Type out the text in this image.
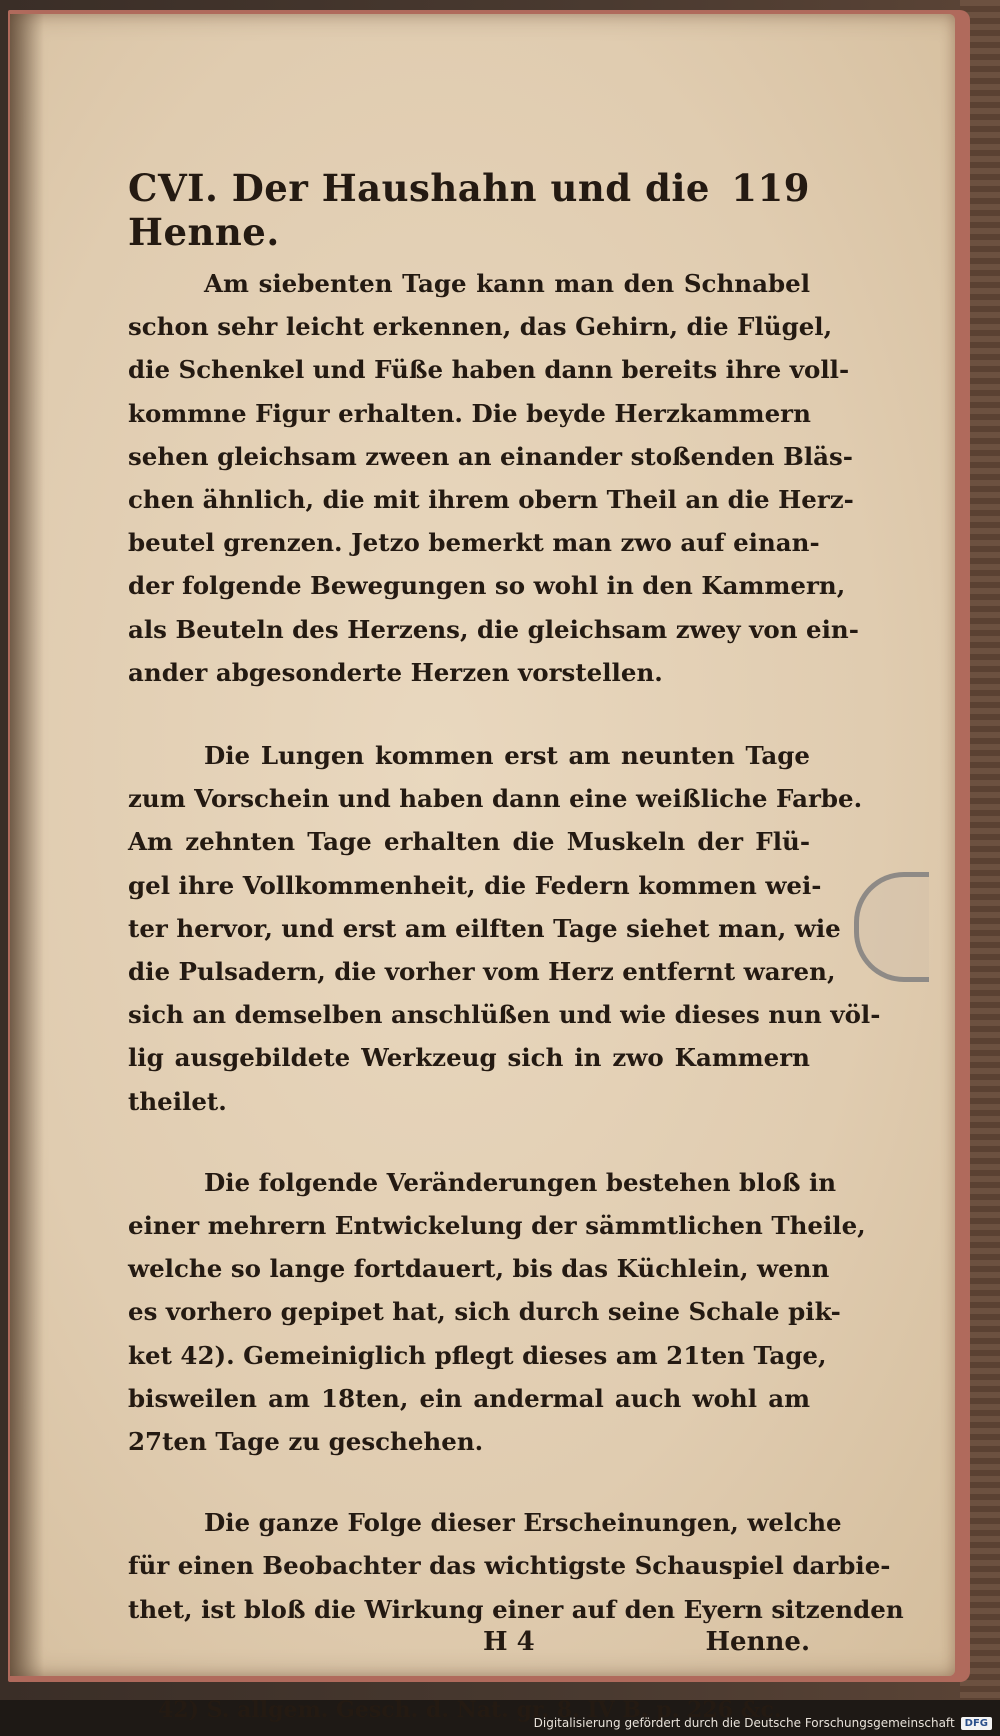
CVI. Der Haushahn und die Henne.
119

Am siebenten Tage kann man den Schnabel
schon sehr leicht erkennen, das Gehirn, die Flügel,
die Schenkel und Füße haben dann bereits ihre voll-
kommne Figur erhalten. Die beyde Herzkammern
sehen gleichsam zween an einander stoßenden Bläs-
chen ähnlich, die mit ihrem obern Theil an die Herz-
beutel grenzen. Jetzo bemerkt man zwo auf einan-
der folgende Bewegungen so wohl in den Kammern,
als Beuteln des Herzens, die gleichsam zwey von ein-
ander abgesonderte Herzen vorstellen.

Die Lungen kommen erst am neunten Tage
zum Vorschein und haben dann eine weißliche Farbe.
Am zehnten Tage erhalten die Muskeln der Flü-
gel ihre Vollkommenheit, die Federn kommen wei-
ter hervor, und erst am eilften Tage siehet man, wie
die Pulsadern, die vorher vom Herz entfernt waren,
sich an demselben anschlüßen und wie dieses nun völ-
lig ausgebildete Werkzeug sich in zwo Kammern
theilet.

Die folgende Veränderungen bestehen bloß in
einer mehrern Entwickelung der sämmtlichen Theile,
welche so lange fortdauert, bis das Küchlein, wenn
es vorhero gepipet hat, sich durch seine Schale pik-
ket 42). Gemeiniglich pflegt dieses am 21ten Tage,
bisweilen am 18ten, ein andermal auch wohl am
27ten Tage zu geschehen.

Die ganze Folge dieser Erscheinungen, welche
für einen Beobachter das wichtigste Schauspiel darbie-
thet, ist bloß die Wirkung einer auf den Eyern sitzenden

H 4	Henne.
42) S. allgem. Gesch. d. Nat. gr. 8. IV B. p. 226 &c.
Digitalisierung gefördert durch die Deutsche Forschungsgemeinschaft	DFG
